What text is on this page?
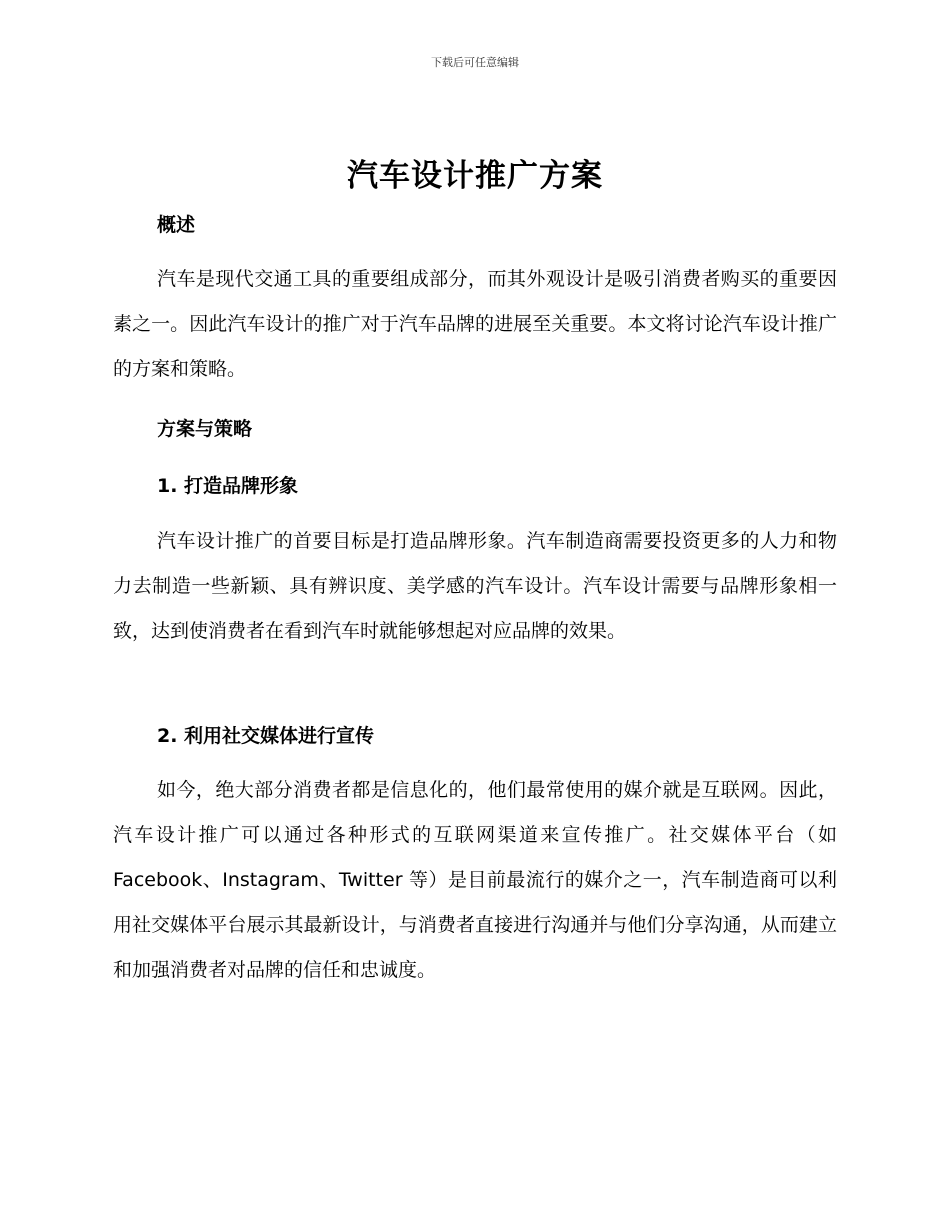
下载后可任意编辑
汽车设计推广方案
概述

汽车是现代交通工具的重要组成部分，而其外观设计是吸引消费者购买的重要因素之一。因此汽车设计的推广对于汽车品牌的进展至关重要。本文将讨论汽车设计推广的方案和策略。

方案与策略
1. 打造品牌形象

汽车设计推广的首要目标是打造品牌形象。汽车制造商需要投资更多的人力和物力去制造一些新颖、具有辨识度、美学感的汽车设计。汽车设计需要与品牌形象相一致，达到使消费者在看到汽车时就能够想起对应品牌的效果。

2. 利用社交媒体进行宣传

如今，绝大部分消费者都是信息化的，他们最常使用的媒介就是互联网。因此，汽车设计推广可以通过各种形式的互联网渠道来宣传推广。社交媒体平台（如 Facebook、Instagram、Twitter 等）是目前最流行的媒介之一，汽车制造商可以利用社交媒体平台展示其最新设计，与消费者直接进行沟通并与他们分享沟通，从而建立和加强消费者对品牌的信任和忠诚度。
